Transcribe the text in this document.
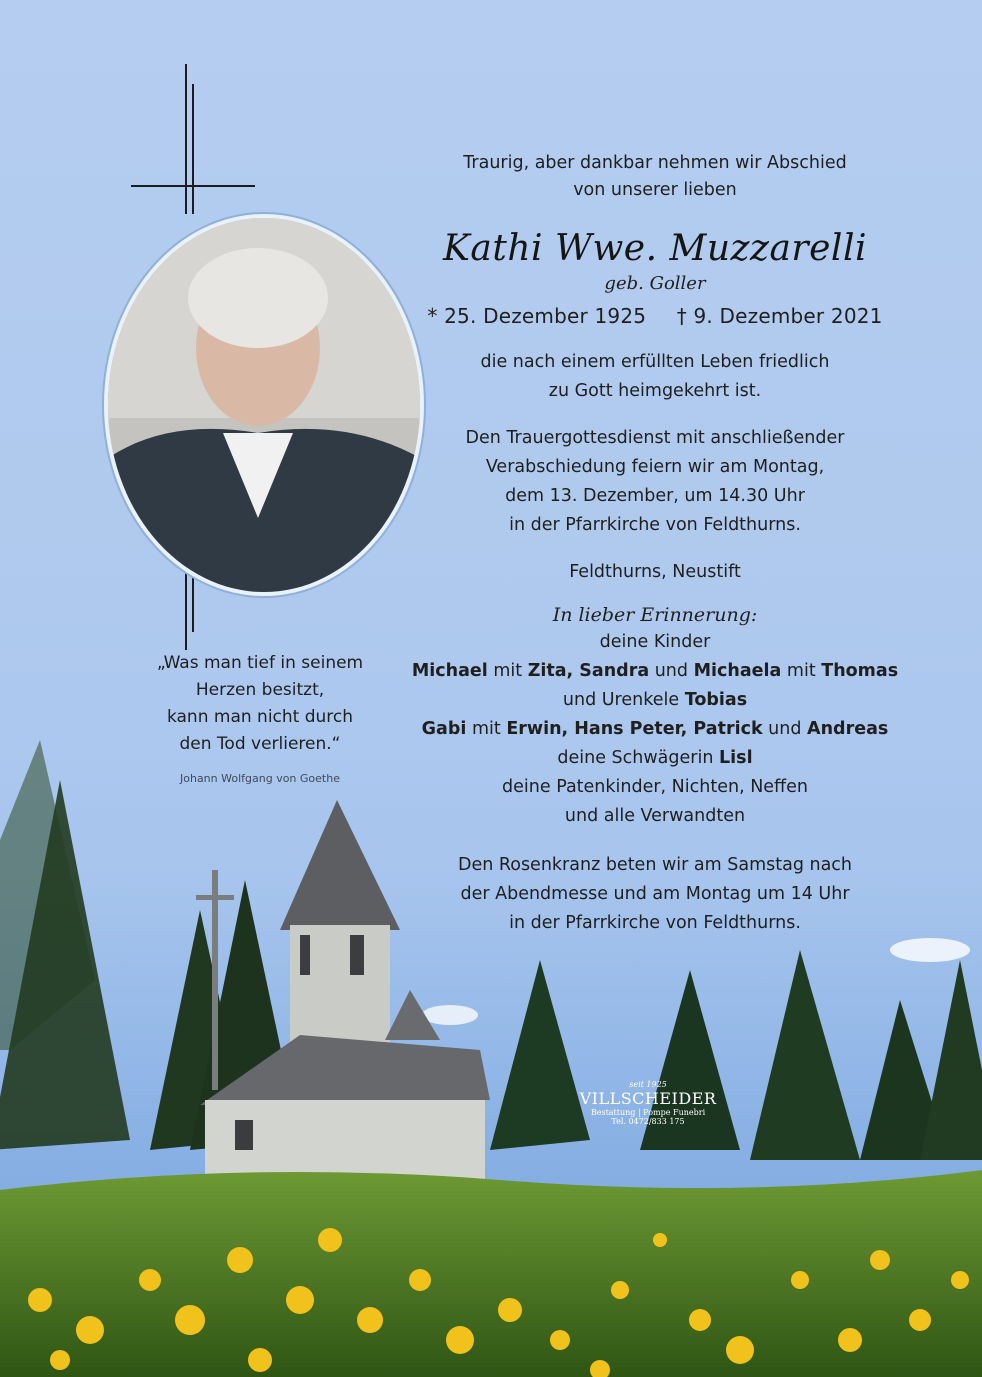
Traurig, aber dankbar nehmen wir Abschied
von unserer lieben
Kathi Wwe. Muzzarelli
geb. Goller
* 25. Dezember 1925 † 9. Dezember 2021
die nach einem erfüllten Leben friedlich
zu Gott heimgekehrt ist.
Den Trauergottesdienst mit anschließender
Verabschiedung feiern wir am Montag,
dem 13. Dezember, um 14.30 Uhr
in der Pfarrkirche von Feldthurns.
Feldthurns, Neustift
In lieber Erinnerung:
deine Kinder
Michael mit Zita, Sandra und Michaela mit Thomas
und Urenkele Tobias
Gabi mit Erwin, Hans Peter, Patrick und Andreas
deine Schwägerin Lisl
deine Patenkinder, Nichten, Neffen
und alle Verwandten
Den Rosenkranz beten wir am Samstag nach
der Abendmesse und am Montag um 14 Uhr
in der Pfarrkirche von Feldthurns.
„Was man tief in seinem
Herzen besitzt,
kann man nicht durch
den Tod verlieren.“
Johann Wolfgang von Goethe
seit 1925
VILLSCHEIDER
Bestattung | Pompe Funebri
Tel. 0472/833 175
